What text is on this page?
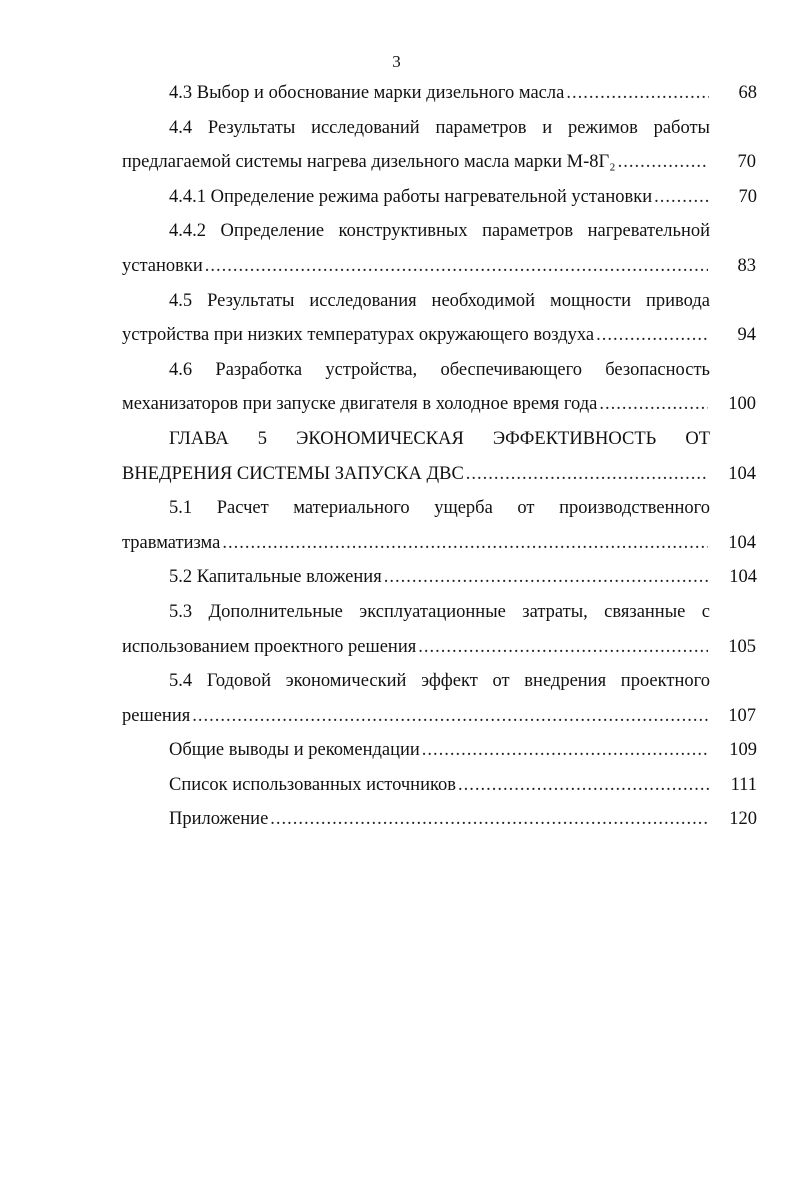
3
4.3 Выбор и обоснование марки дизельного масла .....	68
4.4 Результаты исследований параметров и режимов работы
предлагаемой системы нагрева дизельного масла марки М-8Г₂ .....	70
4.4.1 Определение режима работы нагревательной установки .....	70
4.4.2 Определение конструктивных параметров нагревательной
установки .....	83
4.5 Результаты исследования необходимой мощности привода
устройства при низких температурах окружающего воздуха .....	94
4.6 Разработка устройства, обеспечивающего безопасность
механизаторов при запуске двигателя в холодное время года .....	100
ГЛАВА 5 ЭКОНОМИЧЕСКАЯ ЭФФЕКТИВНОСТЬ ОТ
ВНЕДРЕНИЯ СИСТЕМЫ ЗАПУСКА ДВС .....	104
5.1 Расчет материального ущерба от производственного
травматизма .....	104
5.2 Капитальные вложения .....	104
5.3 Дополнительные эксплуатационные затраты, связанные с
использованием проектного решения .....	105
5.4 Годовой экономический эффект от внедрения проектного
решения .....	107
Общие выводы и рекомендации .....	109
Список использованных источников .....	111
Приложение .....	120
